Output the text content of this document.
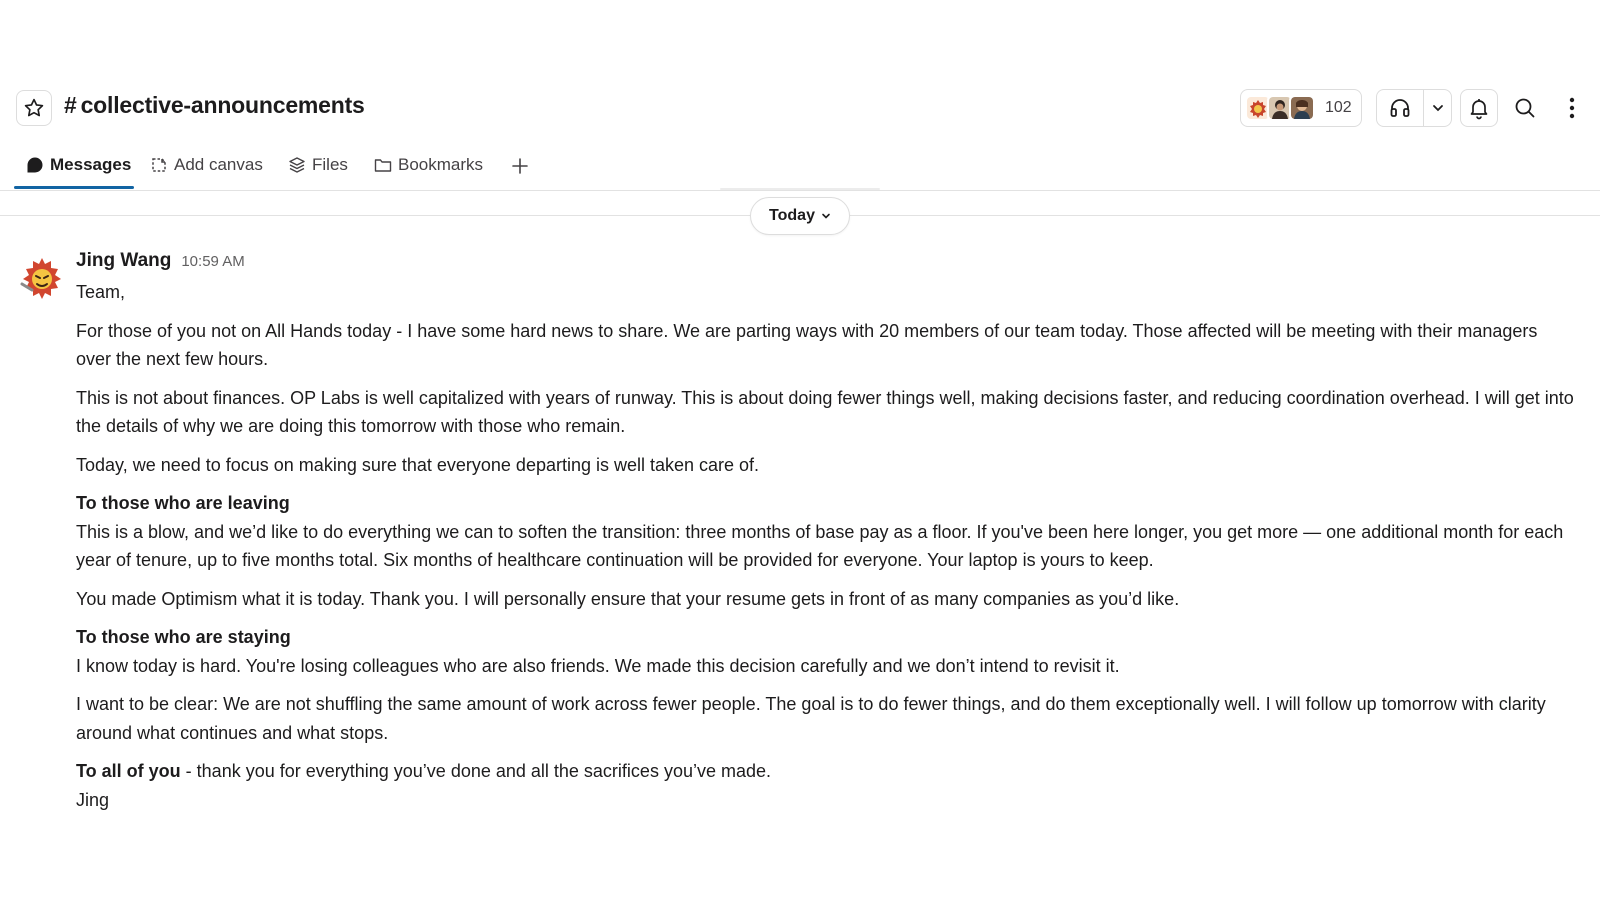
# collective-announcements	102
Messages	Add canvas	Files	Bookmarks
Today
Jing Wang 10:59 AM

Team,

For those of you not on All Hands today - I have some hard news to share. We are parting ways with 20 members of our team today. Those affected will be meeting with their managers over the next few hours.

This is not about finances. OP Labs is well capitalized with years of runway. This is about doing fewer things well, making decisions faster, and reducing coordination overhead. I will get into the details of why we are doing this tomorrow with those who remain.

Today, we need to focus on making sure that everyone departing is well taken care of.

To those who are leaving

This is a blow, and we’d like to do everything we can to soften the transition: three months of base pay as a floor. If you've been here longer, you get more — one additional month for each year of tenure, up to five months total. Six months of healthcare continuation will be provided for everyone. Your laptop is yours to keep.

You made Optimism what it is today. Thank you. I will personally ensure that your resume gets in front of as many companies as you’d like.

To those who are staying

I know today is hard. You're losing colleagues who are also friends. We made this decision carefully and we don’t intend to revisit it.

I want to be clear: We are not shuffling the same amount of work across fewer people. The goal is to do fewer things, and do them exceptionally well. I will follow up tomorrow with clarity around what continues and what stops.

To all of you - thank you for everything you’ve done and all the sacrifices you’ve made.

Jing
